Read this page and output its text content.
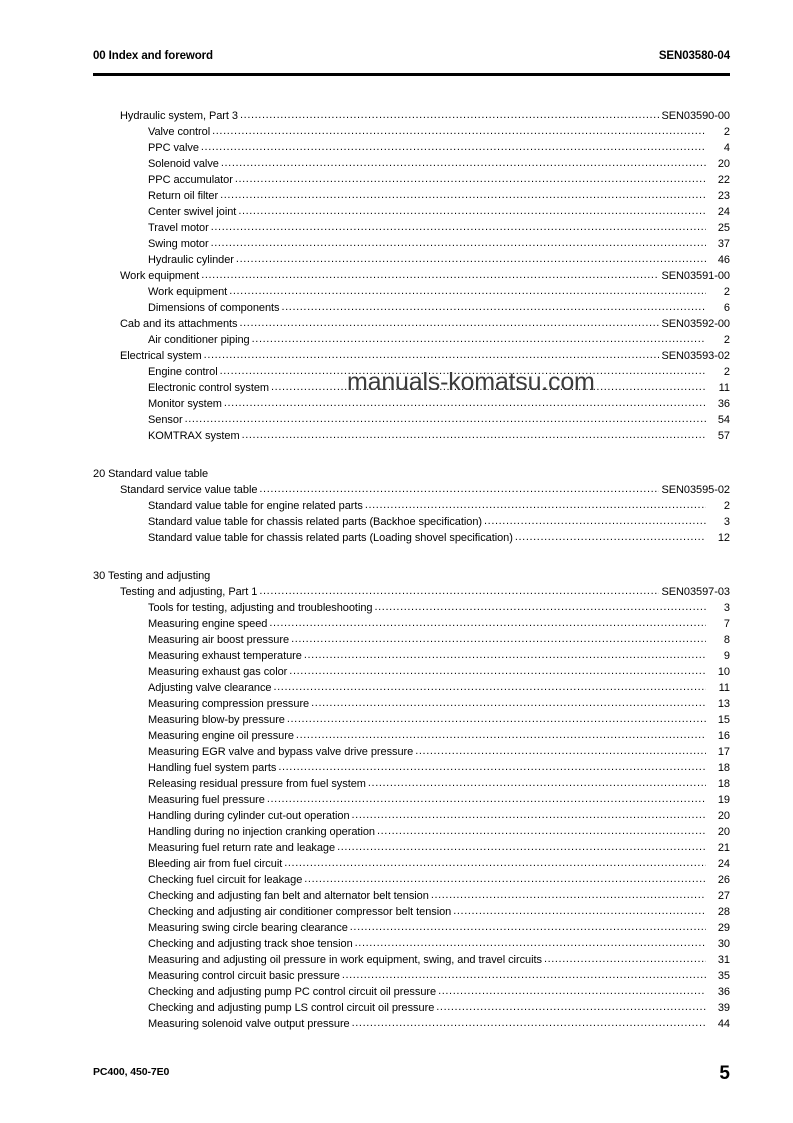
00 Index and foreword	SEN03580-04
Hydraulic system, Part 3 .....	SEN03590-00
Valve control .....	2
PPC valve .....	4
Solenoid valve .....	20
PPC accumulator .....	22
Return oil filter .....	23
Center swivel joint .....	24
Travel motor .....	25
Swing motor .....	37
Hydraulic cylinder .....	46
Work equipment .....	SEN03591-00
Work equipment .....	2
Dimensions of components .....	6
Cab and its attachments .....	SEN03592-00
Air conditioner piping .....	2
Electrical system .....	SEN03593-02
Engine control .....	2
Electronic control system .....	11
Monitor system .....	36
Sensor .....	54
KOMTRAX system .....	57
20 Standard value table
Standard service value table .....	SEN03595-02
Standard value table for engine related parts .....	2
Standard value table for chassis related parts (Backhoe specification) .....	3
Standard value table for chassis related parts (Loading shovel specification) .....	12
30 Testing and adjusting
Testing and adjusting, Part 1 .....	SEN03597-03
Tools for testing, adjusting and troubleshooting .....	3
Measuring engine speed .....	7
Measuring air boost pressure .....	8
Measuring exhaust temperature .....	9
Measuring exhaust gas color .....	10
Adjusting valve clearance .....	11
Measuring compression pressure .....	13
Measuring blow-by pressure .....	15
Measuring engine oil pressure .....	16
Measuring EGR valve and bypass valve drive pressure .....	17
Handling fuel system parts .....	18
Releasing residual pressure from fuel system .....	18
Measuring fuel pressure .....	19
Handling during cylinder cut-out operation .....	20
Handling during no injection cranking operation .....	20
Measuring fuel return rate and leakage .....	21
Bleeding air from fuel circuit .....	24
Checking fuel circuit for leakage .....	26
Checking and adjusting fan belt and alternator belt tension .....	27
Checking and adjusting air conditioner compressor belt tension .....	28
Measuring swing circle bearing clearance .....	29
Checking and adjusting track shoe tension .....	30
Measuring and adjusting oil pressure in work equipment, swing, and travel circuits .....	31
Measuring control circuit basic pressure .....	35
Checking and adjusting pump PC control circuit oil pressure .....	36
Checking and adjusting pump LS control circuit oil pressure .....	39
Measuring solenoid valve output pressure .....	44
manuals-komatsu.com
PC400, 450-7E0	5
